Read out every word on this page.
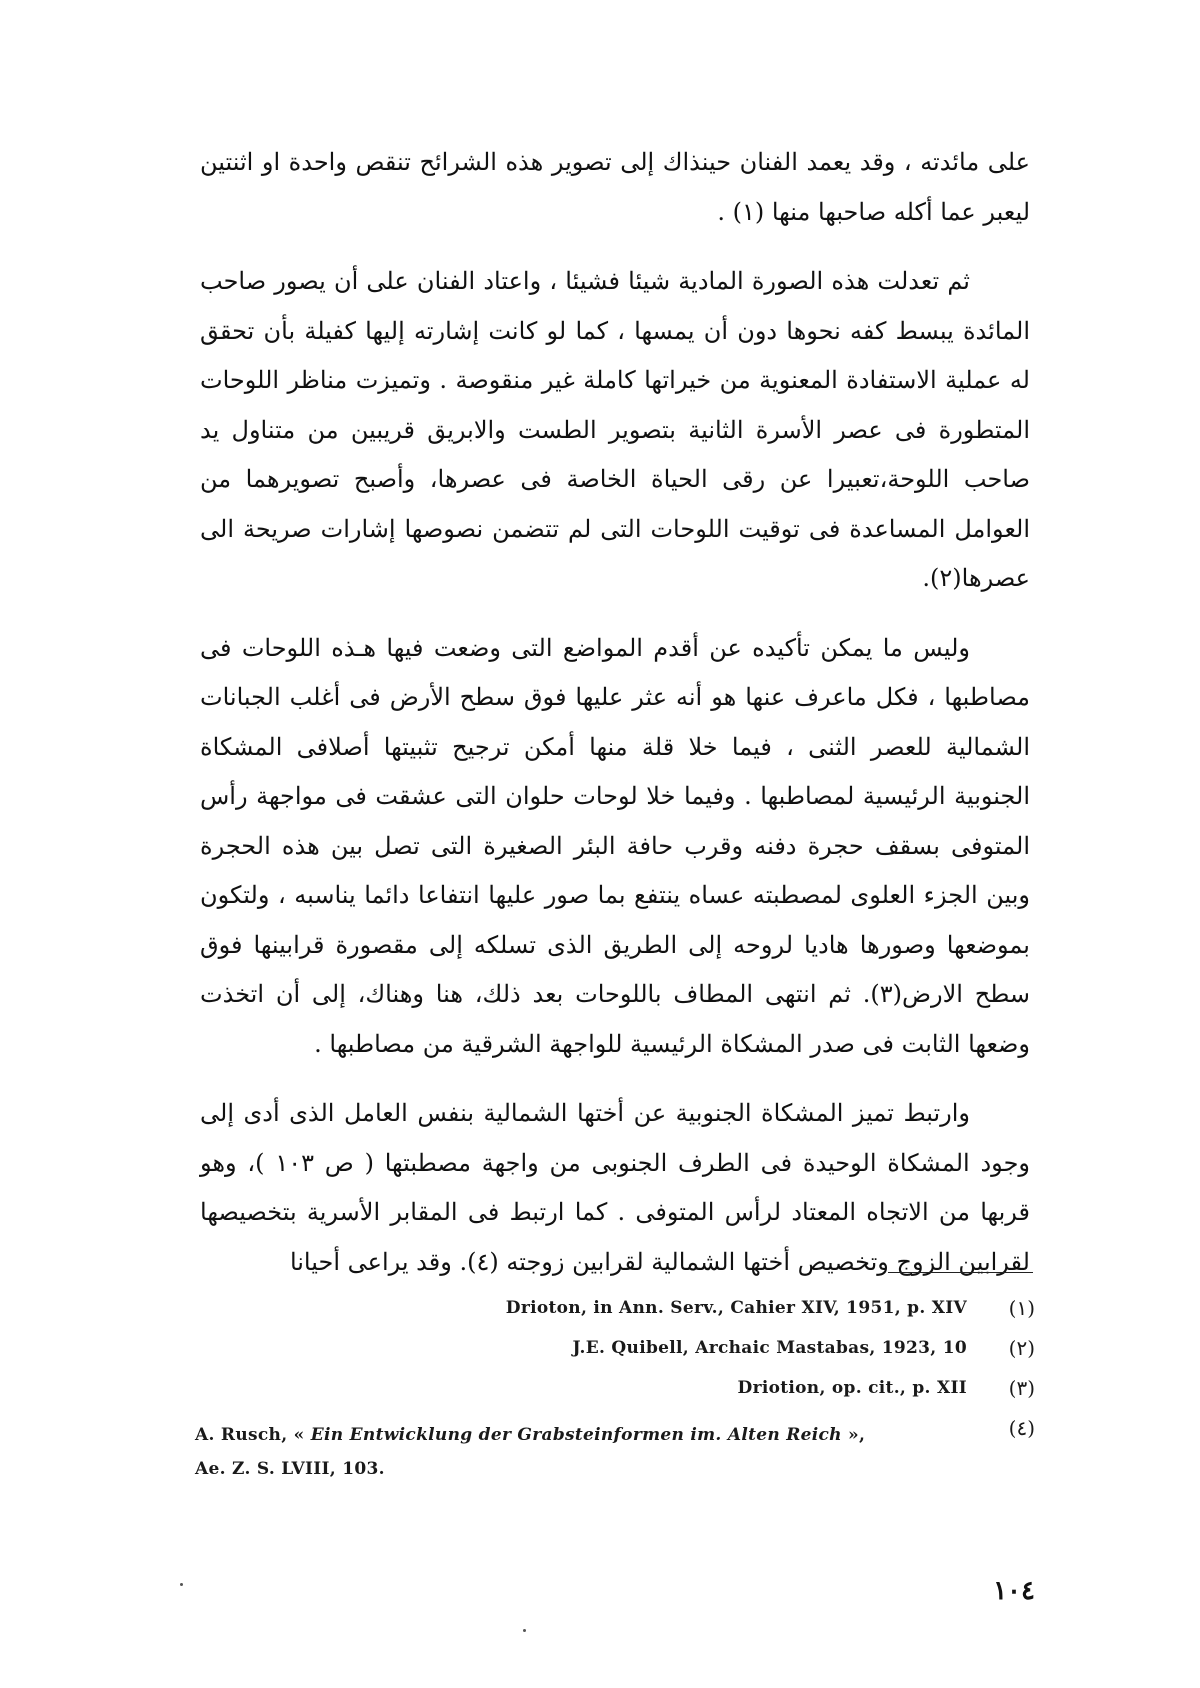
على مائدته ، وقد يعمد الفنان حينذاك إلى تصوير هذه الشرائح تنقص واحدة او اثنتين ليعبر عما أكله صاحبها منها (١) .

ثم تعدلت هذه الصورة المادية شيئا فشيئا ، واعتاد الفنان على أن يصور صاحب المائدة يبسط كفه نحوها دون أن يمسها ، كما لو كانت إشارته إليها كفيلة بأن تحقق له عملية الاستفادة المعنوية من خيراتها كاملة غير منقوصة . وتميزت مناظر اللوحات المتطورة فى عصر الأسرة الثانية بتصوير الطست والابريق قريبين من متناول يد صاحب اللوحة،تعبيرا عن رقى الحياة الخاصة فى عصرها، وأصبح تصويرهما من العوامل المساعدة فى توقيت اللوحات التى لم تتضمن نصوصها إشارات صريحة الى عصرها(٢).

وليس ما يمكن تأكيده عن أقدم المواضع التى وضعت فيها هـذه اللوحات فى مصاطبها ، فكل ماعرف عنها هو أنه عثر عليها فوق سطح الأرض فى أغلب الجبانات الشمالية للعصر الثنى ، فيما خلا قلة منها أمكن ترجيح تثبيتها أصلافى المشكاة الجنوبية الرئيسية لمصاطبها . وفيما خلا لوحات حلوان التى عشقت فى مواجهة رأس المتوفى بسقف حجرة دفنه وقرب حافة البئر الصغيرة التى تصل بين هذه الحجرة وبين الجزء العلوى لمصطبته عساه ينتفع بما صور عليها انتفاعا دائما يناسبه ، ولتكون بموضعها وصورها هاديا لروحه إلى الطريق الذى تسلكه إلى مقصورة قرابينها فوق سطح الارض(٣). ثم انتهى المطاف باللوحات بعد ذلك، هنا وهناك، إلى أن اتخذت وضعها الثابت فى صدر المشكاة الرئيسية للواجهة الشرقية من مصاطبها .

وارتبط تميز المشكاة الجنوبية عن أختها الشمالية بنفس العامل الذى أدى إلى وجود المشكاة الوحيدة فى الطرف الجنوبى من واجهة مصطبتها ( ص ١٠٣ )، وهو قربها من الاتجاه المعتاد لرأس المتوفى . كما ارتبط فى المقابر الأسرية بتخصيصها لقرابين الزوج وتخصيص أختها الشمالية لقرابين زوجته (٤). وقد يراعى أحيانا

(١)
Drioton, in Ann. Serv., Cahier XIV, 1951, p. XIV
(٢)
J.E. Quibell, Archaic Mastabas, 1923, 10
(٣)
Driotion, op. cit., p. XII
(٤)
A. Rusch, « Ein Entwicklung der Grabsteinformen im. Alten Reich »,
Ae. Z. S. LVIII, 103.
١٠٤
